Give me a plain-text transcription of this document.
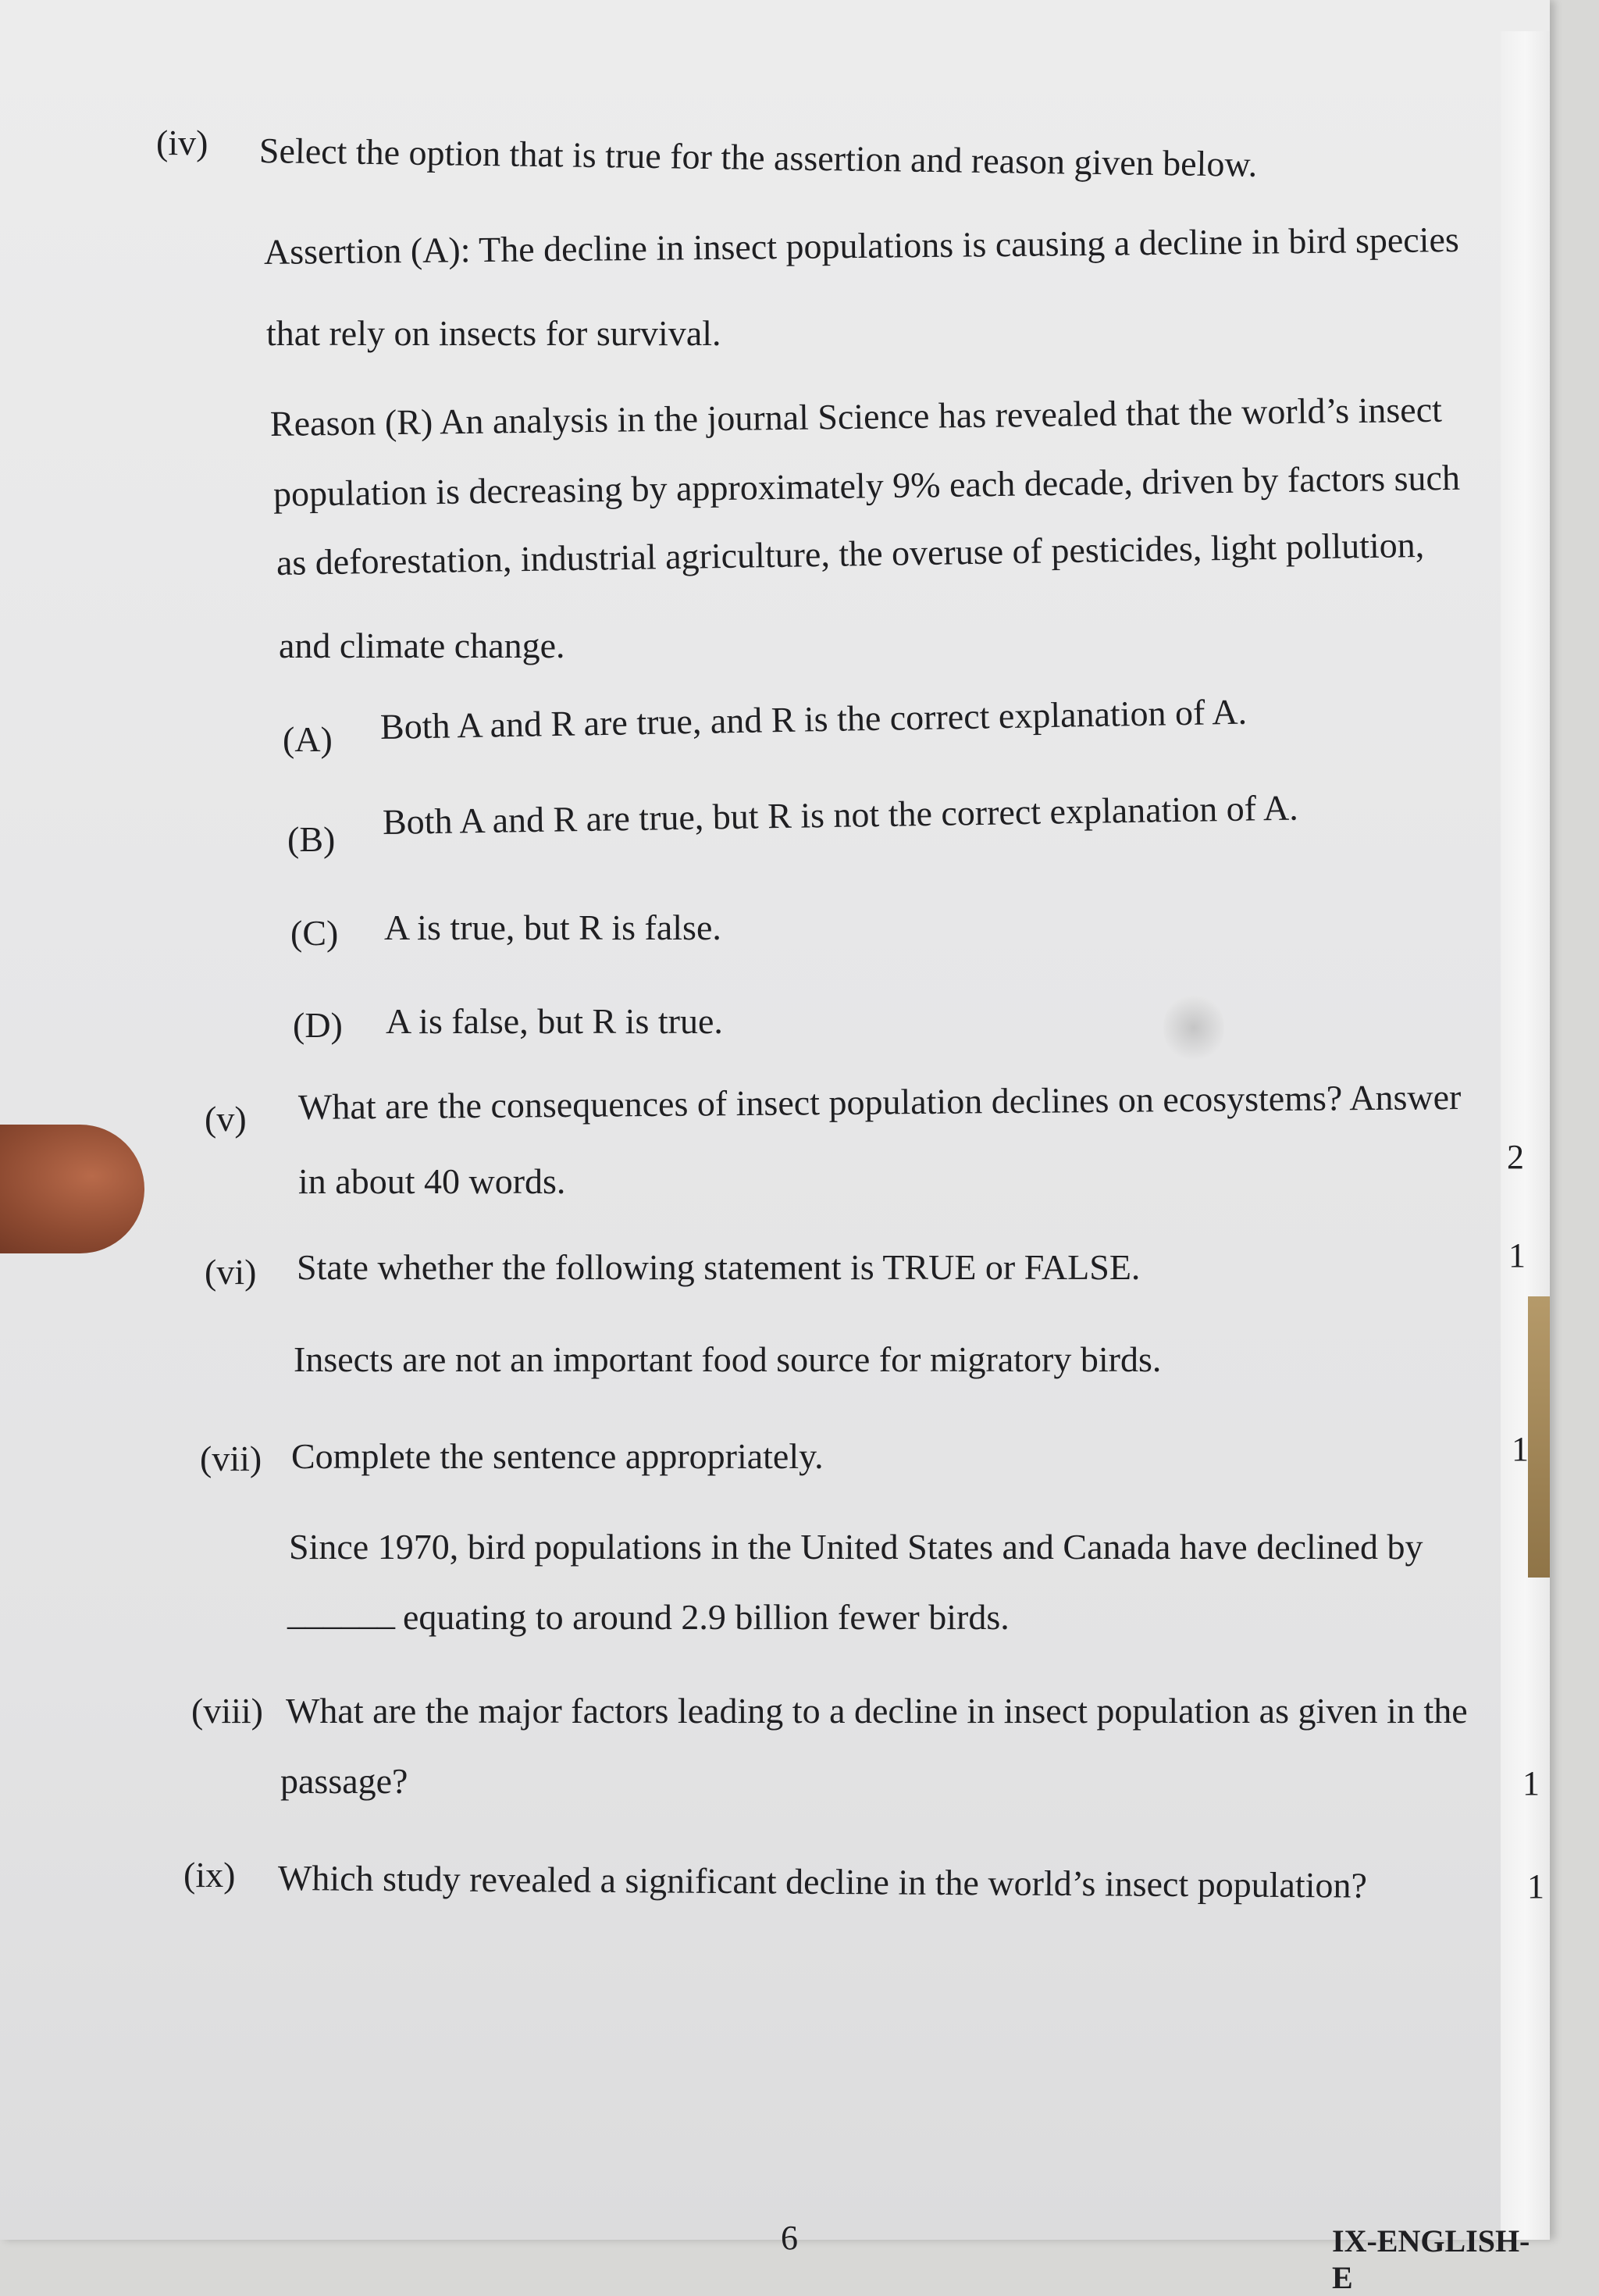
(iv) Select the option that is true for the assertion and reason given below.
Assertion (A): The decline in insect populations is causing a decline in bird species
that rely on insects for survival.
Reason (R) An analysis in the journal Science has revealed that the world’s insect
population is decreasing by approximately 9% each decade, driven by factors such
as deforestation, industrial agriculture, the overuse of pesticides, light pollution,
and climate change.
(A) Both A and R are true, and R is the correct explanation of A.
(B) Both A and R are true, but R is not the correct explanation of A.
(C) A is true, but R is false.
(D) A is false, but R is true.
(v) What are the consequences of insect population declines on ecosystems? Answer
in about 40 words.
2
(vi) State whether the following statement is TRUE or FALSE.	1
Insects are not an important food source for migratory birds.
(vii) Complete the sentence appropriately.	1
Since 1970, bird populations in the United States and Canada have declined by
______ equating to around 2.9 billion fewer birds.
(viii) What are the major factors leading to a decline in insect population as given in the
passage?	1
(ix) Which study revealed a significant decline in the world’s insect population?	1
6	IX-ENGLISH-E
